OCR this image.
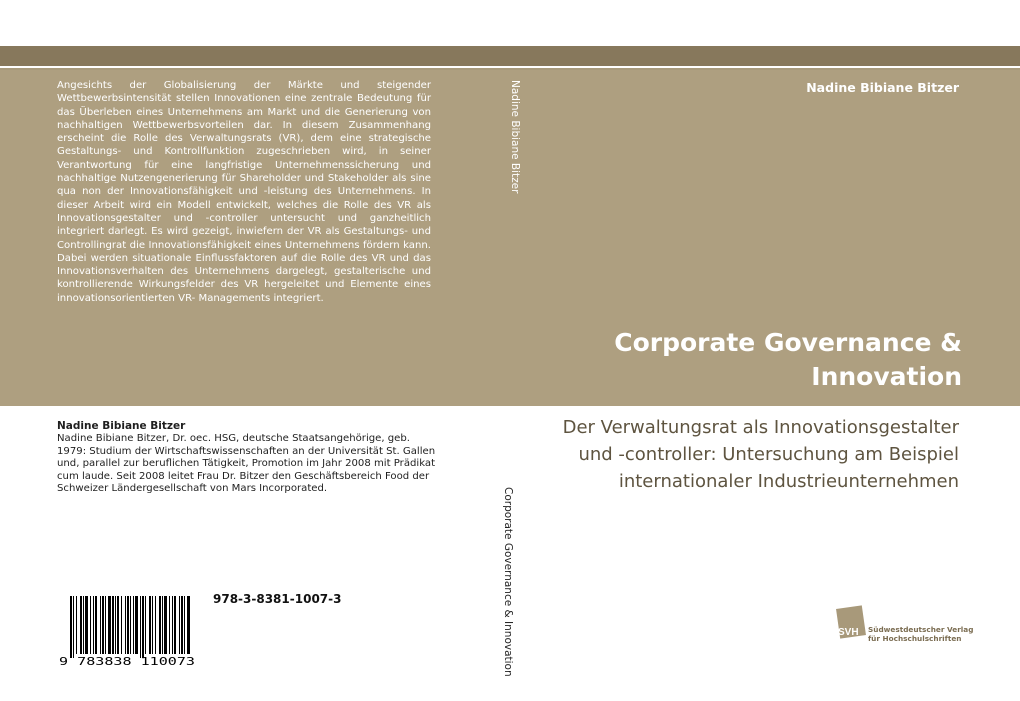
Angesichts der Globalisierung der Märkte und steigender Wettbewerbsintensität stellen Innovationen eine zentrale Bedeutung für das Überleben eines Unternehmens am Markt und die Generierung von nachhaltigen Wettbewerbsvorteilen dar. In diesem Zusammenhang erscheint die Rolle des Verwaltungsrats (VR), dem eine strategische Gestaltungs- und Kontrollfunktion zugeschrieben wird, in seiner Verantwortung für eine langfristige Unternehmenssicherung und nachhaltige Nutzengenerierung für Shareholder und Stakeholder als sine qua non der Innovationsfähigkeit und -leistung des Unternehmens. In dieser Arbeit wird ein Modell entwickelt, welches die Rolle des VR als Innovationsgestalter und -controller untersucht und ganzheitlich integriert darlegt. Es wird gezeigt, inwiefern der VR als Gestaltungs- und Controllingrat die Innovationsfähigkeit eines Unternehmens fördern kann. Dabei werden situationale Einflussfaktoren auf die Rolle des VR und das Innovationsverhalten des Unternehmens dargelegt, gestalterische und kontrollierende Wirkungsfelder des VR hergeleitet und Elemente eines innovationsorientierten VR- Managements integriert.

Nadine Bibiane Bitzer	Nadine Bibiane Bitzer
Corporate Governance &
Innovation
Der Verwaltungsrat als Innovationsgestalter und -controller: Untersuchung am Beispiel internationaler Industrieunternehmen
Nadine Bibiane Bitzer

Nadine Bibiane Bitzer, Dr. oec. HSG, deutsche Staatsangehörige, geb. 1979: Studium der Wirtschaftswissenschaften an der Universität St. Gallen und, parallel zur beruflichen Tätigkeit, Promotion im Jahr 2008 mit Prädikat cum laude. Seit 2008 leitet Frau Dr. Bitzer den Geschäftsbereich Food der Schweizer Ländergesellschaft von Mars Incorporated.	Corporate Governance & Innovation
9 783838 110073
978-3-8381-1007-3
SVH Südwestdeutscher Verlag
für Hochschulschriften
